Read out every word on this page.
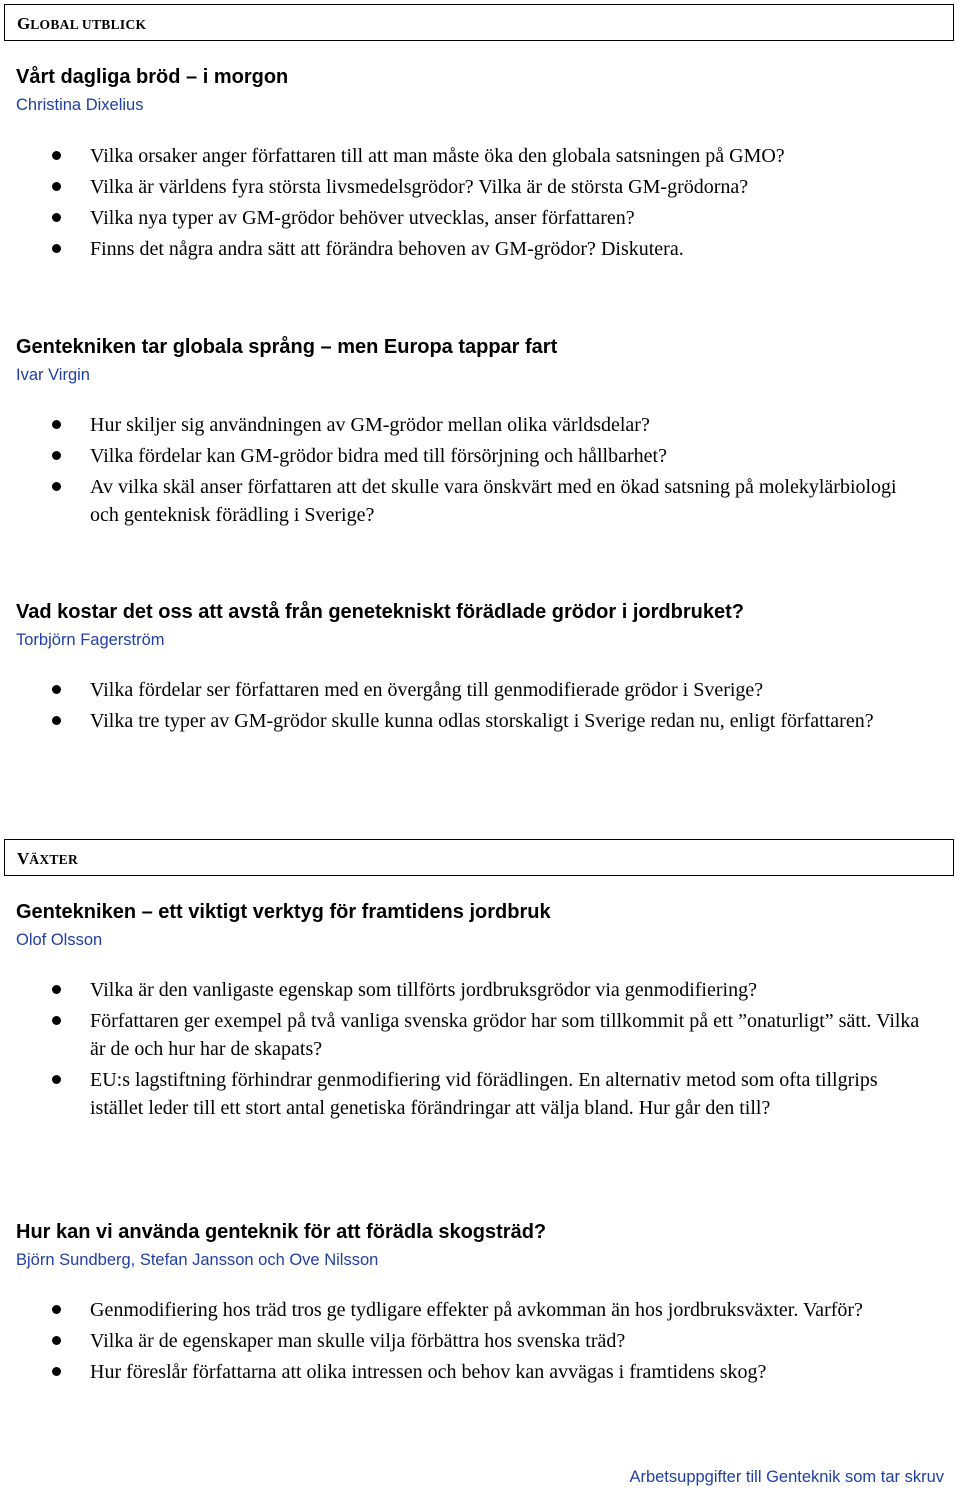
GLOBAL UTBLICK
Vårt dagliga bröd – i morgon
Christina Dixelius
Vilka orsaker anger författaren till att man måste öka den globala satsningen på GMO?
Vilka är världens fyra största livsmedelsgrödor? Vilka är de största GM-grödorna?
Vilka nya typer av GM-grödor behöver utvecklas, anser författaren?
Finns det några andra sätt att förändra behoven av GM-grödor? Diskutera.
Gentekniken tar globala språng – men Europa tappar fart
Ivar Virgin
Hur skiljer sig användningen av GM-grödor mellan olika världsdelar?
Vilka fördelar kan GM-grödor bidra med till försörjning och hållbarhet?
Av vilka skäl anser författaren att det skulle vara önskvärt med en ökad satsning på molekylärbiologi och genteknisk förädling i Sverige?
Vad kostar det oss att avstå från genetekniskt förädlade grödor i jordbruket?
Torbjörn Fagerström
Vilka fördelar ser författaren med en övergång till genmodifierade grödor i Sverige?
Vilka tre typer av GM-grödor skulle kunna odlas storskaligt i Sverige redan nu, enligt författaren?
VÄXTER
Gentekniken – ett viktigt verktyg för framtidens jordbruk
Olof Olsson
Vilka är den vanligaste egenskap som tillförts jordbruksgrödor via genmodifiering?
Författaren ger exempel på två vanliga svenska grödor har som tillkommit på ett ”onaturligt” sätt. Vilka är de och hur har de skapats?
EU:s lagstiftning förhindrar genmodifiering vid förädlingen. En alternativ metod som ofta tillgrips istället leder till ett stort antal genetiska förändringar att välja bland. Hur går den till?
Hur kan vi använda genteknik för att förädla skogsträd?
Björn Sundberg, Stefan Jansson och Ove Nilsson
Genmodifiering hos träd tros ge tydligare effekter på avkomman än hos jordbruksväxter. Varför?
Vilka är de egenskaper man skulle vilja förbättra hos svenska träd?
Hur föreslår författarna att olika intressen och behov kan avvägas i framtidens skog?
Arbetsuppgifter till Genteknik som tar skruv
